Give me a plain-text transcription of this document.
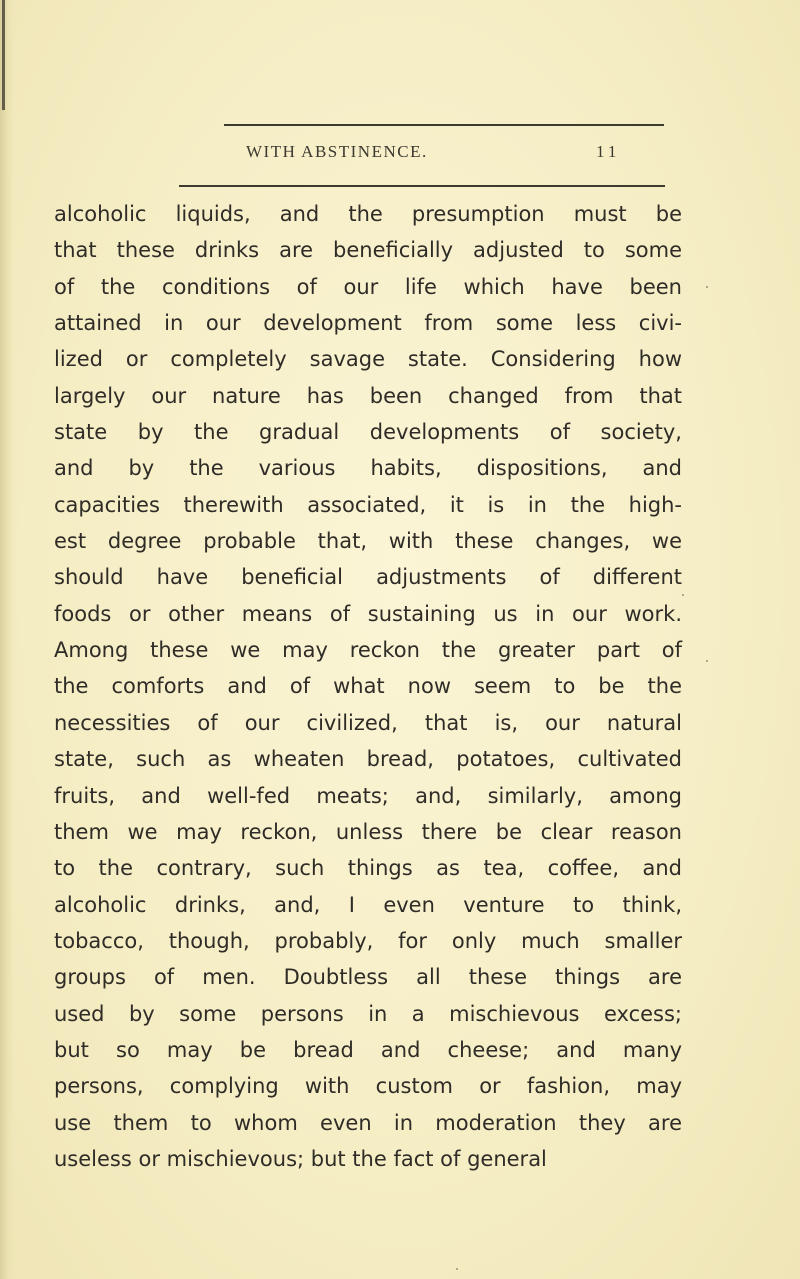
WITH ABSTINENCE.	11
alcoholic liquids, and the presumption must be
that these drinks are beneficially adjusted to some
of the conditions of our life which have been
attained in our development from some less civi-
lized or completely savage state. Considering how
largely our nature has been changed from that
state by the gradual developments of society,
and by the various habits, dispositions, and
capacities therewith associated, it is in the high-
est degree probable that, with these changes, we
should have beneficial adjustments of different
foods or other means of sustaining us in our work.
Among these we may reckon the greater part of
the comforts and of what now seem to be the
necessities of our civilized, that is, our natural
state, such as wheaten bread, potatoes, cultivated
fruits, and well-fed meats; and, similarly, among
them we may reckon, unless there be clear reason
to the contrary, such things as tea, coffee, and
alcoholic drinks, and, I even venture to think,
tobacco, though, probably, for only much smaller
groups of men. Doubtless all these things are
used by some persons in a mischievous excess;
but so may be bread and cheese; and many
persons, complying with custom or fashion, may
use them to whom even in moderation they are
useless or mischievous; but the fact of general
